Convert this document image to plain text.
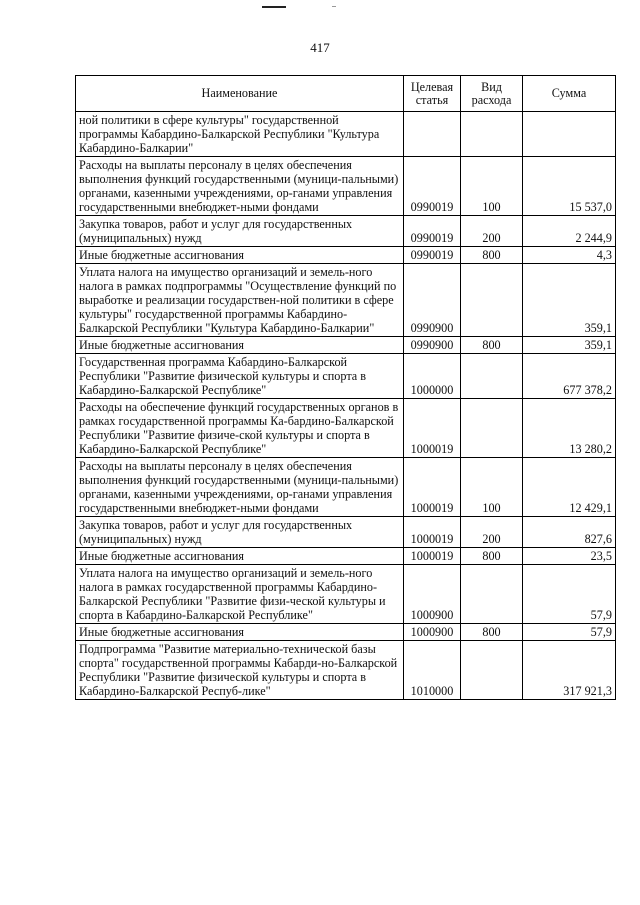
417
Наименование	Целевая статья	Вид расхода	Сумма
ной политики в сфере культуры" государственной программы Кабардино-Балкарской Республики "Культура Кабардино-Балкарии"			
Расходы на выплаты персоналу в целях обеспечения выполнения функций государственными (муници-пальными) органами, казенными учреждениями, ор-ганами управления государственными внебюджет-ными фондами	0990019	100	15 537,0
Закупка товаров, работ и услуг для государственных (муниципальных) нужд	0990019	200	2 244,9
Иные бюджетные ассигнования	0990019	800	4,3
Уплата налога на имущество организаций и земель-ного налога в рамках подпрограммы "Осуществление функций по выработке и реализации государствен-ной политики в сфере культуры" государственной программы Кабардино-Балкарской Республики "Культура Кабардино-Балкарии"	0990900		359,1
Иные бюджетные ассигнования	0990900	800	359,1
Государственная программа Кабардино-Балкарской Республики "Развитие физической культуры и спорта в Кабардино-Балкарской Республике"	1000000		677 378,2
Расходы на обеспечение функций государственных органов в рамках государственной программы Ка-бардино-Балкарской Республики "Развитие физиче-ской культуры и спорта в Кабардино-Балкарской Республике"	1000019		13 280,2
Расходы на выплаты персоналу в целях обеспечения выполнения функций государственными (муници-пальными) органами, казенными учреждениями, ор-ганами управления государственными внебюджет-ными фондами	1000019	100	12 429,1
Закупка товаров, работ и услуг для государственных (муниципальных) нужд	1000019	200	827,6
Иные бюджетные ассигнования	1000019	800	23,5
Уплата налога на имущество организаций и земель-ного налога в рамках государственной программы Кабардино-Балкарской Республики "Развитие физи-ческой культуры и спорта в Кабардино-Балкарской Республике"	1000900		57,9
Иные бюджетные ассигнования	1000900	800	57,9
Подпрограмма "Развитие материально-технической базы спорта" государственной программы Кабарди-но-Балкарской Республики "Развитие физической культуры и спорта в Кабардино-Балкарской Респуб-лике"	1010000		317 921,3
